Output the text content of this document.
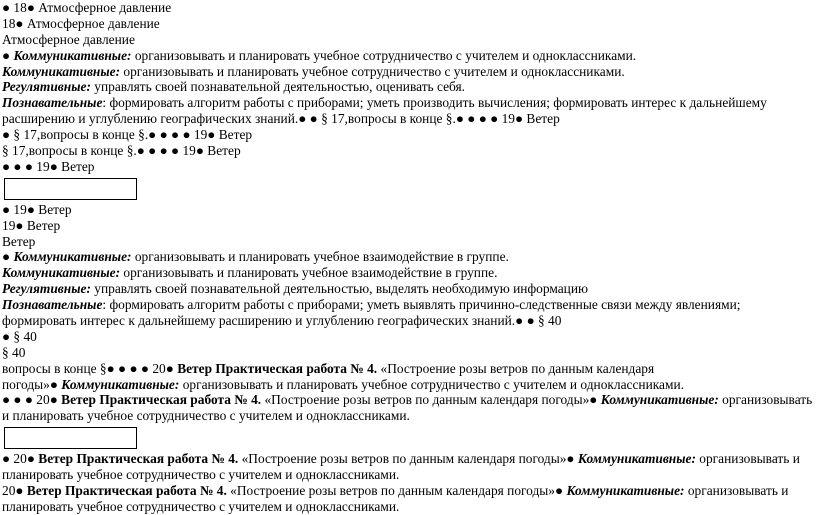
● 18● Атмосферное давление
18● Атмосферное давление
Атмосферное давление
● Коммуникативные: организовывать и планировать учебное сотрудничество с учителем и одноклассниками.
Коммуникативные: организовывать и планировать учебное сотрудничество с учителем и одноклассниками.
Регулятивные: управлять своей познавательной деятельностью, оценивать себя.
Познавательные: формировать алгоритм работы с приборами; уметь производить вычисления; формировать интерес к дальнейшему
расширению и углублению географических знаний.● ● § 17,вопросы в конце §.● ● ● ● 19● Ветер
● § 17,вопросы в конце §.● ● ● ● 19● Ветер
§ 17,вопросы в конце §.● ● ● ● 19● Ветер
● ● ● 19● Ветер
● 19● Ветер
19● Ветер
Ветер
● Коммуникативные: организовывать и планировать учебное взаимодействие в группе.
Коммуникативные: организовывать и планировать учебное взаимодействие в группе.
Регулятивные: управлять своей познавательной деятельностью, выделять необходимую информацию
Познавательные: формировать алгоритм работы с приборами; уметь выявлять причинно-следственные связи между явлениями;
формировать интерес к дальнейшему расширению и углублению географических знаний.● ● § 40
● § 40
§ 40
вопросы в конце §● ● ● ● 20● Ветер Практическая работа № 4. «Построение розы ветров по данным календаря
погоды»● Коммуникативные: организовывать и планировать учебное сотрудничество с учителем и одноклассниками.
● ● ● 20● Ветер Практическая работа № 4. «Построение розы ветров по данным календаря погоды»● Коммуникативные: организовывать
и планировать учебное сотрудничество с учителем и одноклассниками.
● 20● Ветер Практическая работа № 4. «Построение розы ветров по данным календаря погоды»● Коммуникативные: организовывать и
планировать учебное сотрудничество с учителем и одноклассниками.
20● Ветер Практическая работа № 4. «Построение розы ветров по данным календаря погоды»● Коммуникативные: организовывать и
планировать учебное сотрудничество с учителем и одноклассниками.
